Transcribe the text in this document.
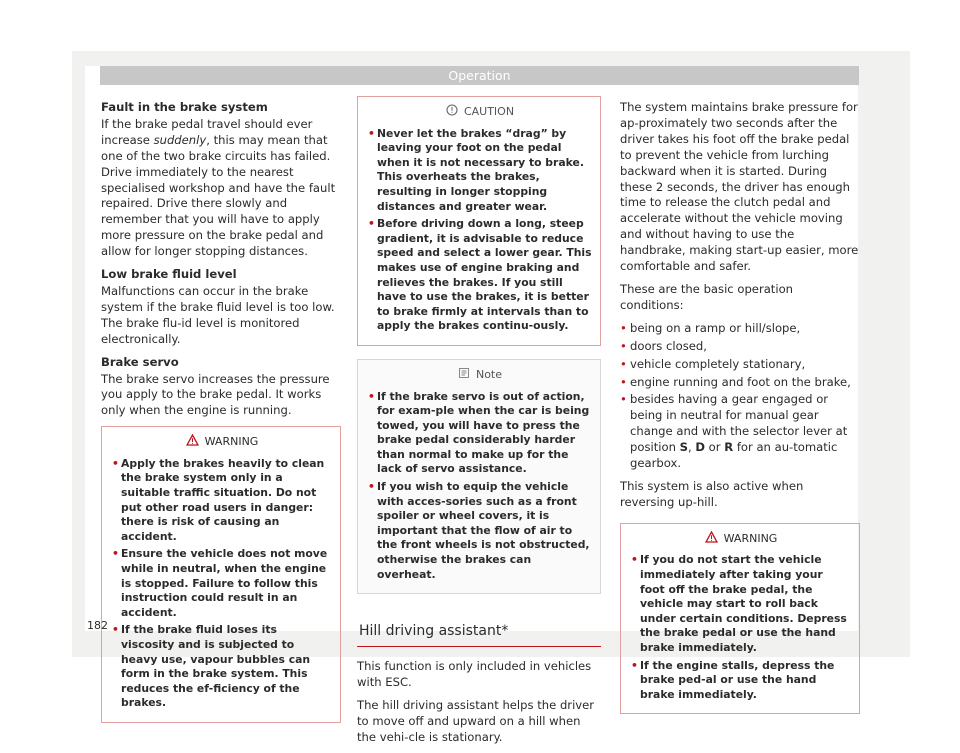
Operation
Fault in the brake system

If the brake pedal travel should ever increase suddenly, this may mean that one of the two brake circuits has failed. Drive immediately to the nearest specialised workshop and have the fault repaired. Drive there slowly and remember that you will have to apply more pressure on the brake pedal and allow for longer stopping distances.

Low brake fluid level

Malfunctions can occur in the brake system if the brake fluid level is too low. The brake flu-id level is monitored electronically.

Brake servo

The brake servo increases the pressure you apply to the brake pedal. It works only when the engine is running.

WARNING
• Apply the brakes heavily to clean the brake system only in a suitable traffic situation. Do not put other road users in danger: there is risk of causing an accident.
• Ensure the vehicle does not move while in neutral, when the engine is stopped. Failure to follow this instruction could result in an accident.
• If the brake fluid loses its viscosity and is subjected to heavy use, vapour bubbles can form in the brake system. This reduces the ef-ficiency of the brakes.
CAUTION
• Never let the brakes “drag” by leaving your foot on the pedal when it is not necessary to brake. This overheats the brakes, resulting in longer stopping distances and greater wear.
• Before driving down a long, steep gradient, it is advisable to reduce speed and select a lower gear. This makes use of engine braking and relieves the brakes. If you still have to use the brakes, it is better to brake firmly at intervals than to apply the brakes continu-ously.
Note
• If the brake servo is out of action, for exam-ple when the car is being towed, you will have to press the brake pedal considerably harder than normal to make up for the lack of servo assistance.
• If you wish to equip the vehicle with acces-sories such as a front spoiler or wheel covers, it is important that the flow of air to the front wheels is not obstructed, otherwise the brakes can overheat.
Hill driving assistant*

This function is only included in vehicles with ESC.

The hill driving assistant helps the driver to move off and upward on a hill when the vehi-cle is stationary.

The system maintains brake pressure for ap-proximately two seconds after the driver takes his foot off the brake pedal to prevent the vehicle from lurching backward when it is started. During these 2 seconds, the driver has enough time to release the clutch pedal and accelerate without the vehicle moving and without having to use the handbrake, making start-up easier, more comfortable and safer.

These are the basic operation conditions:

• being on a ramp or hill/slope,
• doors closed,
• vehicle completely stationary,
• engine running and foot on the brake,
• besides having a gear engaged or being in neutral for manual gear change and with the selector lever at position S, D or R for an au-tomatic gearbox.

This system is also active when reversing up-hill.

WARNING
• If you do not start the vehicle immediately after taking your foot off the brake pedal, the vehicle may start to roll back under certain conditions. Depress the brake pedal or use the hand brake immediately.
• If the engine stalls, depress the brake ped-al or use the hand brake immediately.
182
